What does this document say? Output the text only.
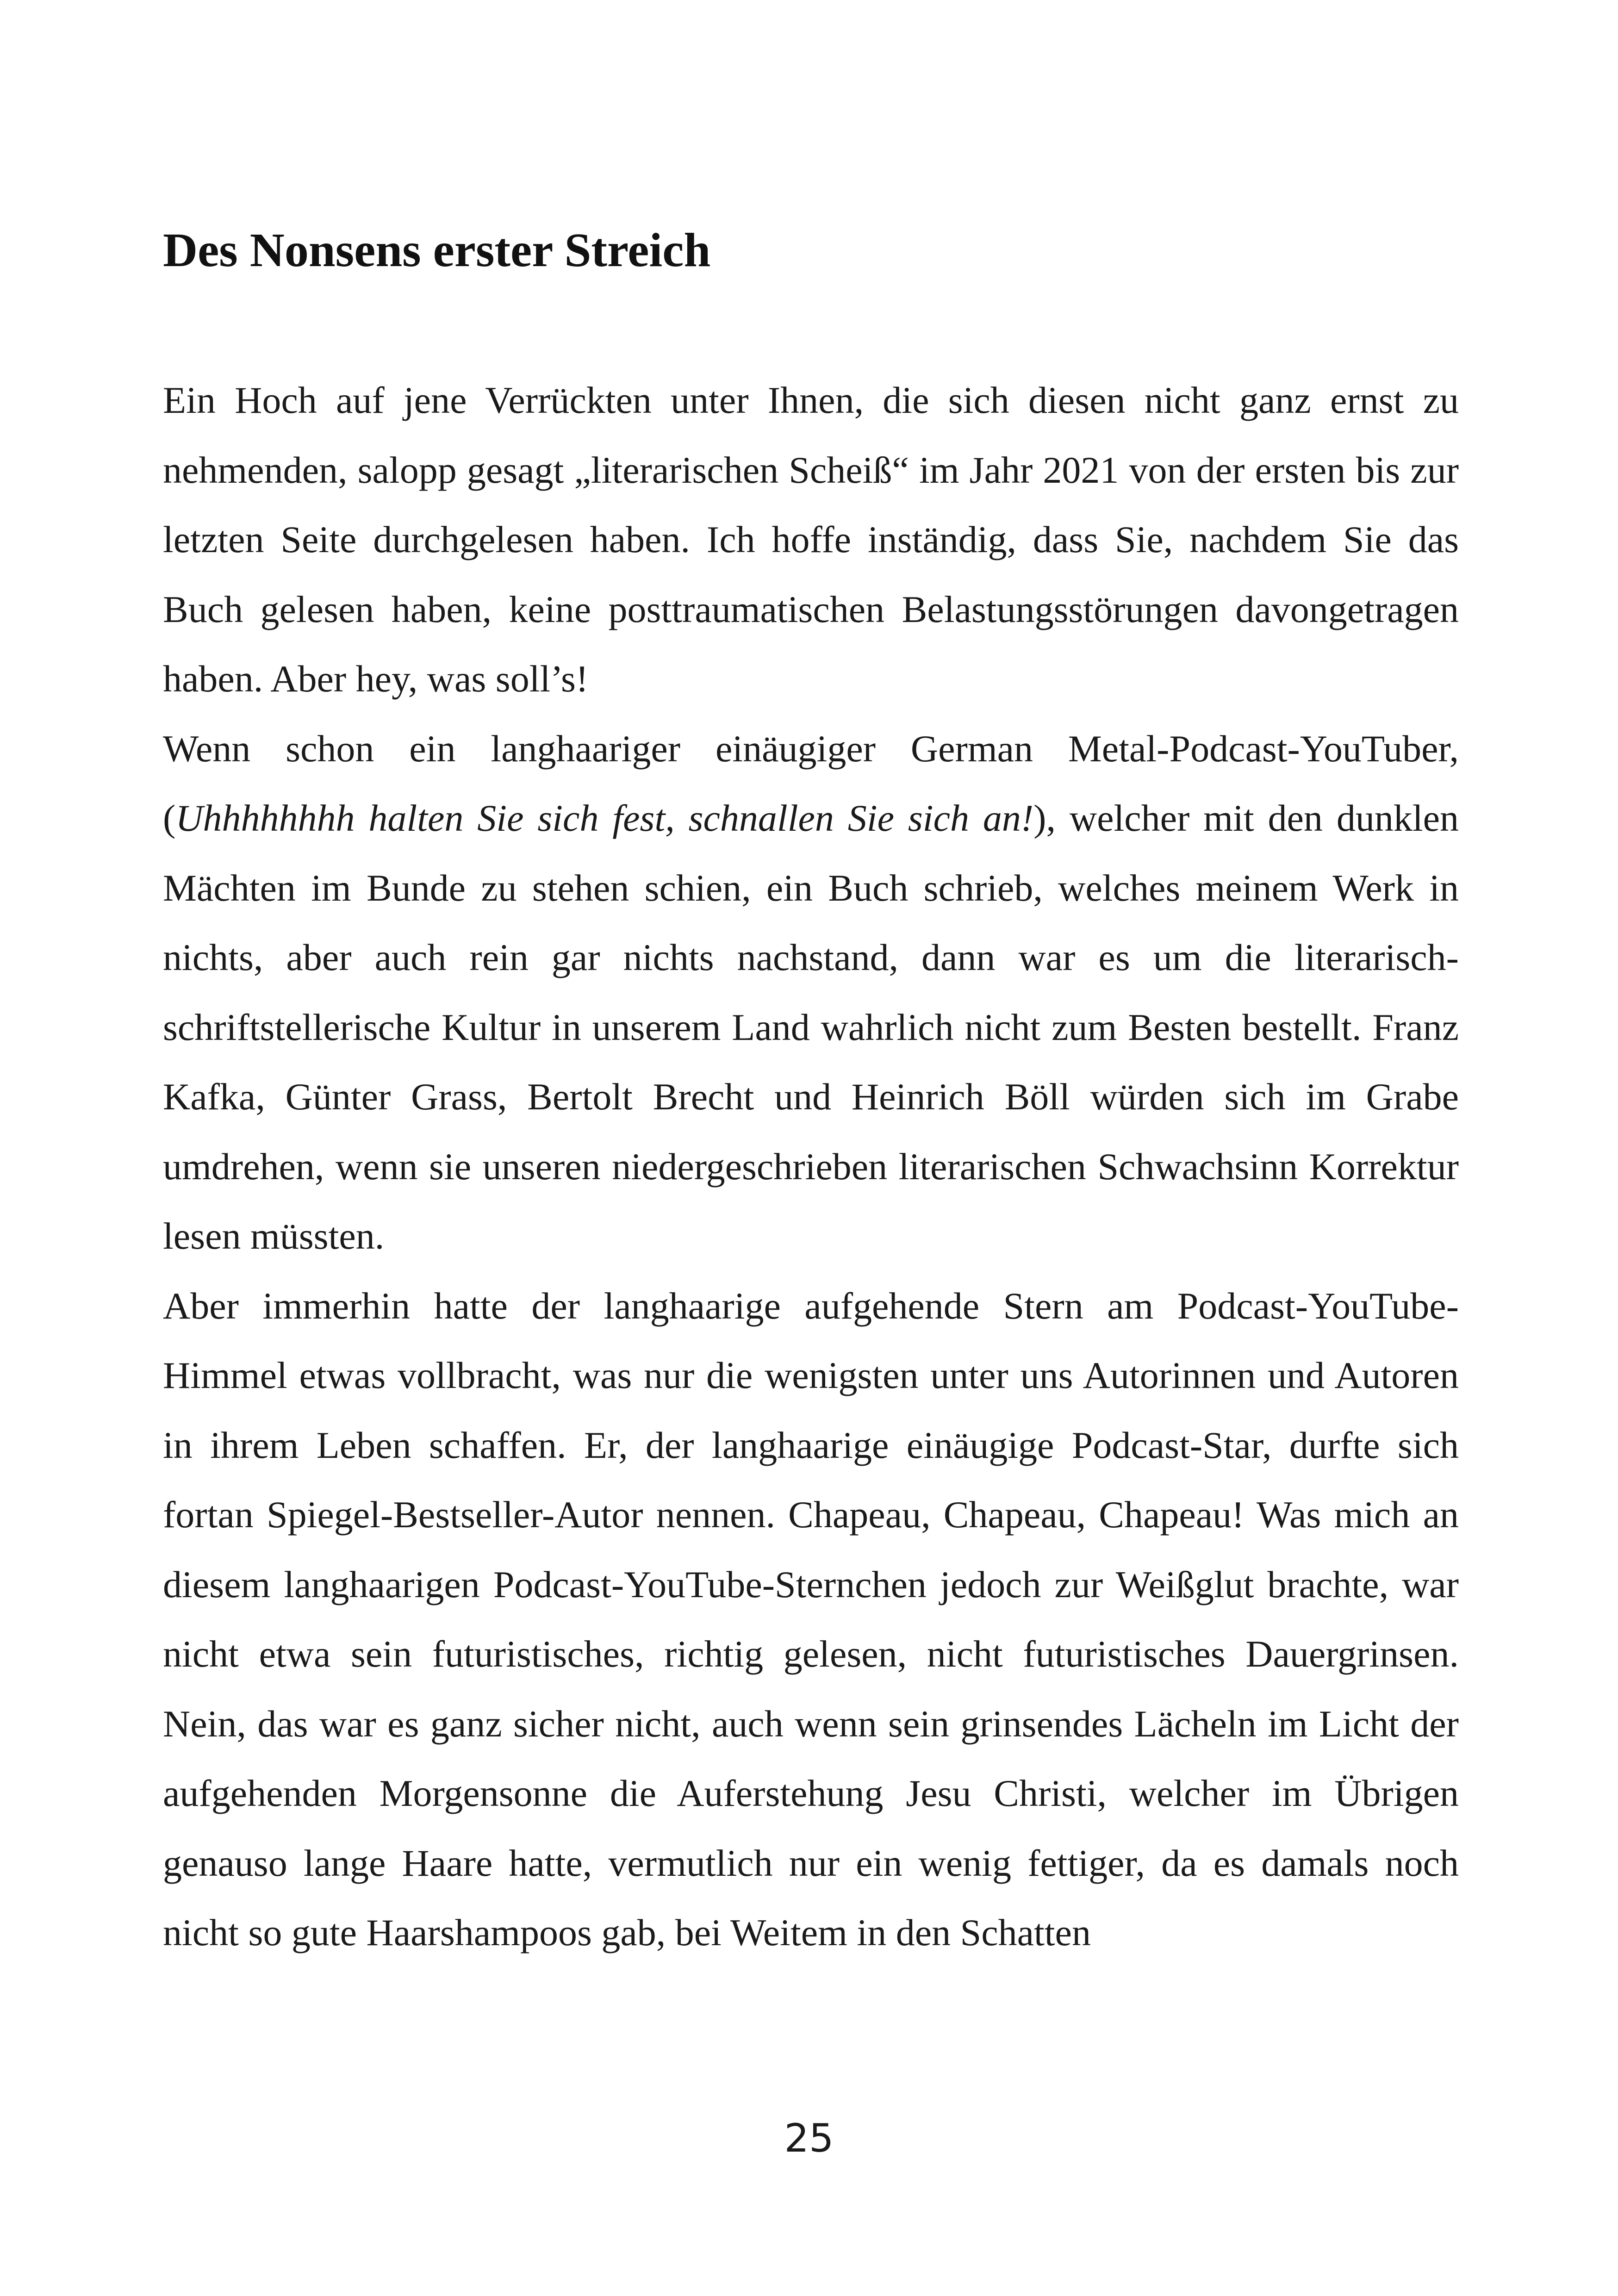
Des Nonsens erster Streich

Ein Hoch auf jene Verrückten unter Ihnen, die sich diesen nicht ganz ernst zu nehmenden, salopp gesagt „literarischen Scheiß“ im Jahr 2021 von der ersten bis zur letzten Seite durchgelesen haben. Ich hoffe inständig, dass Sie, nachdem Sie das Buch gelesen haben, keine posttraumatischen Belastungsstörungen davongetragen haben. Aber hey, was soll’s!

Wenn schon ein langhaariger einäugiger German Metal-Podcast-YouTuber, (Uhhhhhhhh halten Sie sich fest, schnallen Sie sich an!), welcher mit den dunklen Mächten im Bunde zu stehen schien, ein Buch schrieb, welches meinem Werk in nichts, aber auch rein gar nichts nachstand, dann war es um die literarisch- schriftstellerische Kultur in unserem Land wahrlich nicht zum Besten bestellt. Franz Kafka, Günter Grass, Bertolt Brecht und Heinrich Böll würden sich im Grabe umdrehen, wenn sie unseren niedergeschrieben literarischen Schwachsinn Korrektur lesen müssten.

Aber immerhin hatte der langhaarige aufgehende Stern am Podcast-YouTube-Himmel etwas vollbracht, was nur die wenigsten unter uns Autorinnen und Autoren in ihrem Leben schaffen. Er, der langhaarige einäugige Podcast-Star, durfte sich fortan Spiegel-Bestseller-Autor nennen. Chapeau, Chapeau, Chapeau! Was mich an diesem langhaarigen Podcast-YouTube-Sternchen jedoch zur Weißglut brachte, war nicht etwa sein futuristisches, richtig gelesen, nicht futuristisches Dauergrinsen. Nein, das war es ganz sicher nicht, auch wenn sein grinsendes Lächeln im Licht der aufgehenden Morgensonne die Auferstehung Jesu Christi, welcher im Übrigen genauso lange Haare hatte, vermutlich nur ein wenig fettiger, da es damals noch nicht so gute Haarshampoos gab, bei Weitem in den Schatten

25
